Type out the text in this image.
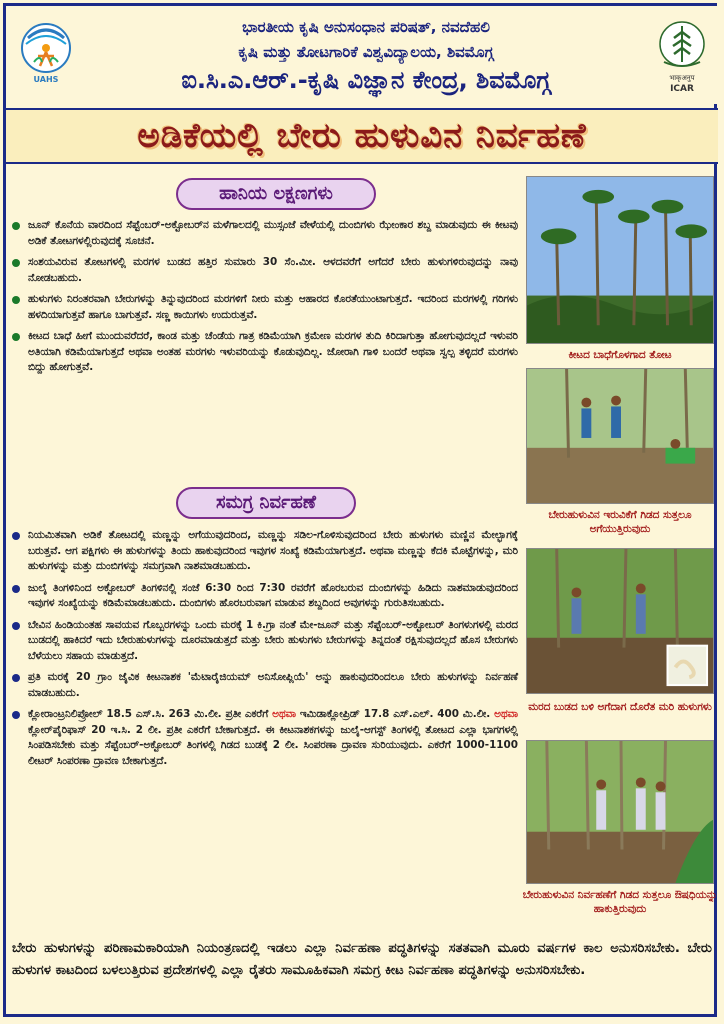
UAHS
ಭಾರತೀಯ ಕೃಷಿ ಅನುಸಂಧಾನ ಪರಿಷತ್, ನವದೆಹಲಿ
ಕೃಷಿ ಮತ್ತು ತೋಟಗಾರಿಕೆ ವಿಶ್ವವಿದ್ಯಾಲಯ, ಶಿವಮೊಗ್ಗ
ಐ.ಸಿ.ಎ.ಆರ್.-ಕೃಷಿ ವಿಜ್ಞಾನ ಕೇಂದ್ರ, ಶಿವಮೊಗ್ಗ	भाकृअनुप
ICAR
ಅಡಿಕೆಯಲ್ಲಿ ಬೇರು ಹುಳುವಿನ ನಿರ್ವಹಣೆ
ಹಾನಿಯ ಲಕ್ಷಣಗಳು
ಜೂನ್ ಕೊನೆಯ ವಾರದಿಂದ ಸೆಪ್ಟೆಂಬರ್-ಅಕ್ಟೋಬರ್‌ನ ಮಳೆಗಾಲದಲ್ಲಿ ಮುಸ್ಸಂಜೆ ವೇಳೆಯಲ್ಲಿ ದುಂಬಿಗಳು ಝೇಂಕಾರ ಶಬ್ದ ಮಾಡುವುದು ಈ ಕೀಟವು ಅಡಿಕೆ ತೋಟಗಳಲ್ಲಿರುವುದಕ್ಕೆ ಸೂಚನೆ.
ಸಂಶಯವಿರುವ ತೋಟಗಳಲ್ಲಿ ಮರಗಳ ಬುಡದ ಹತ್ತಿರ ಸುಮಾರು 30 ಸೆಂ.ಮೀ. ಆಳದವರೆಗೆ ಅಗೆದರೆ ಬೇರು ಹುಳುಗಳಿರುವುದನ್ನು ನಾವು ನೋಡಬಹುದು.
ಹುಳುಗಳು ನಿರಂತರವಾಗಿ ಬೇರುಗಳನ್ನು ತಿನ್ನುವುದರಿಂದ ಮರಗಳಿಗೆ ನೀರು ಮತ್ತು ಆಹಾರದ ಕೊರತೆಯುಂಟಾಗುತ್ತದೆ. ಇದರಿಂದ ಮರಗಳಲ್ಲಿ ಗರಿಗಳು ಹಳದಿಯಾಗುತ್ತವೆ ಹಾಗೂ ಬಾಗುತ್ತವೆ. ಸಣ್ಣ ಕಾಯಿಗಳು ಉದುರುತ್ತವೆ.
ಕೀಟದ ಬಾಧೆ ಹೀಗೆ ಮುಂದುವರೆದರೆ, ಕಾಂಡ ಮತ್ತು ಚೆಂಡೆಯ ಗಾತ್ರ ಕಡಿಮೆಯಾಗಿ ಕ್ರಮೇಣ ಮರಗಳ ತುದಿ ಕಿರಿದಾಗುತ್ತಾ ಹೋಗುವುದಲ್ಲದೆ ಇಳುವರಿ ಅತಿಯಾಗಿ ಕಡಿಮೆಯಾಗುತ್ತದೆ ಅಥವಾ ಅಂತಹ ಮರಗಳು ಇಳುವರಿಯನ್ನು ಕೊಡುವುದಿಲ್ಲ. ಜೋರಾಗಿ ಗಾಳಿ ಬಂದರೆ ಅಥವಾ ಸ್ವಲ್ಪ ತಳ್ಳಿದರೆ ಮರಗಳು ಬಿದ್ದು ಹೋಗುತ್ತವೆ.
ಸಮಗ್ರ ನಿರ್ವಹಣೆ
ನಿಯಮಿತವಾಗಿ ಅಡಿಕೆ ತೋಟದಲ್ಲಿ ಮಣ್ಣನ್ನು ಅಗೆಯುವುದರಿಂದ, ಮಣ್ಣನ್ನು ಸಡಿಲ-ಗೊಳಿಸುವುದರಿಂದ ಬೇರು ಹುಳುಗಳು ಮಣ್ಣಿನ ಮೇಲ್ಭಾಗಕ್ಕೆ ಬರುತ್ತವೆ. ಆಗ ಪಕ್ಷಿಗಳು ಈ ಹುಳುಗಳನ್ನು ತಿಂದು ಹಾಕುವುದರಿಂದ ಇವುಗಳ ಸಂಖ್ಯೆ ಕಡಿಮೆಯಾಗುತ್ತದೆ. ಅಥವಾ ಮಣ್ಣನ್ನು ಕೆದಕಿ ಮೊಟ್ಟೆಗಳನ್ನು, ಮರಿ ಹುಳುಗಳನ್ನು ಮತ್ತು ದುಂಬಿಗಳನ್ನು ಸಮಗ್ರವಾಗಿ ನಾಶಮಾಡಬಹುದು.
ಜುಲೈ ತಿಂಗಳಿನಿಂದ ಅಕ್ಟೋಬರ್ ತಿಂಗಳಿನಲ್ಲಿ ಸಂಜೆ 6:30 ರಿಂದ 7:30 ರವರೆಗೆ ಹೊರಬರುವ ದುಂಬಿಗಳನ್ನು ಹಿಡಿದು ನಾಶಮಾಡುವುದರಿಂದ ಇವುಗಳ ಸಂಖ್ಯೆಯನ್ನು ಕಡಿಮೆಮಾಡಬಹುದು. ದುಂಬಿಗಳು ಹೊರಬರುವಾಗ ಮಾಡುವ ಶಬ್ದದಿಂದ ಅವುಗಳನ್ನು ಗುರುತಿಸಬಹುದು.
ಬೇವಿನ ಹಿಂಡಿಯಂತಹ ಸಾವಯವ ಗೊಬ್ಬರಗಳನ್ನು ಒಂದು ಮರಕ್ಕೆ 1 ಕಿ.ಗ್ರಾ ನಂತೆ ಮೇ-ಜೂನ್ ಮತ್ತು ಸೆಪ್ಟೆಂಬರ್-ಅಕ್ಟೋಬರ್ ತಿಂಗಳುಗಳಲ್ಲಿ ಮರದ ಬುಡದಲ್ಲಿ ಹಾಕಿದರೆ ಇದು ಬೇರುಹುಳುಗಳನ್ನು ದೂರಮಾಡುತ್ತದೆ ಮತ್ತು ಬೇರು ಹುಳುಗಳು ಬೇರುಗಳನ್ನು ತಿನ್ನದಂತೆ ರಕ್ಷಿಸುವುದಲ್ಲದೆ ಹೊಸ ಬೇರುಗಳು ಬೆಳೆಯಲು ಸಹಾಯ ಮಾಡುತ್ತದೆ.
ಪ್ರತಿ ಮರಕ್ಕೆ 20 ಗ್ರಾಂ ಜೈವಿಕ ಕೀಟನಾಶಕ 'ಮೆಟಾರೈಜಿಯಮ್ ಅನಿಸೋಪ್ಲಿಯೆ' ಅನ್ನು ಹಾಕುವುದರಿಂದಲೂ ಬೇರು ಹುಳುಗಳನ್ನು ನಿರ್ವಹಣೆ ಮಾಡಬಹುದು.
ಕ್ಲೋರಾಂಟ್ರನಿಲಿಪ್ರೋಲ್ 18.5 ಎಸ್.ಸಿ. 263 ಮಿ.ಲೀ. ಪ್ರತೀ ಎಕರೆಗೆ ಅಥವಾ ಇಮಿಡಾಕ್ಲೋಪ್ರಿಡ್ 17.8 ಎಸ್.ಎಲ್. 400 ಮಿ.ಲೀ. ಅಥವಾ ಕ್ಲೋರ್‌ಪೈರಿಫಾಸ್ 20 ಇ.ಸಿ. 2 ಲೀ. ಪ್ರತೀ ಎಕರೆಗೆ ಬೇಕಾಗುತ್ತದೆ. ಈ ಕೀಟನಾಶಕಗಳನ್ನು ಜುಲೈ-ಆಗಸ್ಟ್ ತಿಂಗಳಲ್ಲಿ ತೋಟದ ಎಲ್ಲಾ ಭಾಗಗಳಲ್ಲಿ ಸಿಂಪಡಿಸಬೇಕು ಮತ್ತು ಸೆಪ್ಟೆಂಬರ್-ಅಕ್ಟೋಬರ್ ತಿಂಗಳಲ್ಲಿ ಗಿಡದ ಬುಡಕ್ಕೆ 2 ಲೀ. ಸಿಂಪರಣಾ ದ್ರಾವಣ ಸುರಿಯುವುದು. ಎಕರೆಗೆ 1000-1100 ಲೀಟರ್ ಸಿಂಪರಣಾ ದ್ರಾವಣ ಬೇಕಾಗುತ್ತದೆ.
ಕೀಟದ ಬಾಧೆಗೊಳಗಾದ ತೋಟ
ಬೇರುಹುಳುವಿನ ಇರುವಿಕೆಗೆ ಗಿಡದ ಸುತ್ತಲೂ ಅಗೆಯುತ್ತಿರುವುದು
ಮರದ ಬುಡದ ಬಳಿ ಅಗೆದಾಗ ದೊರೆತ ಮರಿ ಹುಳುಗಳು
ಬೇರುಹುಳುವಿನ ನಿರ್ವಹಣೆಗೆ ಗಿಡದ ಸುತ್ತಲೂ ಔಷಧಿಯನ್ನು ಹಾಕುತ್ತಿರುವುದು
ಬೇರು ಹುಳುಗಳನ್ನು ಪರಿಣಾಮಕಾರಿಯಾಗಿ ನಿಯಂತ್ರಣದಲ್ಲಿ ಇಡಲು ಎಲ್ಲಾ ನಿರ್ವಹಣಾ ಪದ್ಧತಿಗಳನ್ನು ಸತತವಾಗಿ ಮೂರು ವರ್ಷಗಳ ಕಾಲ ಅನುಸರಿಸಬೇಕು. ಬೇರು ಹುಳುಗಳ ಕಾಟದಿಂದ ಬಳಲುತ್ತಿರುವ ಪ್ರದೇಶಗಳಲ್ಲಿ ಎಲ್ಲಾ ರೈತರು ಸಾಮೂಹಿಕವಾಗಿ ಸಮಗ್ರ ಕೀಟ ನಿರ್ವಹಣಾ ಪದ್ಧತಿಗಳನ್ನು ಅನುಸರಿಸಬೇಕು.
